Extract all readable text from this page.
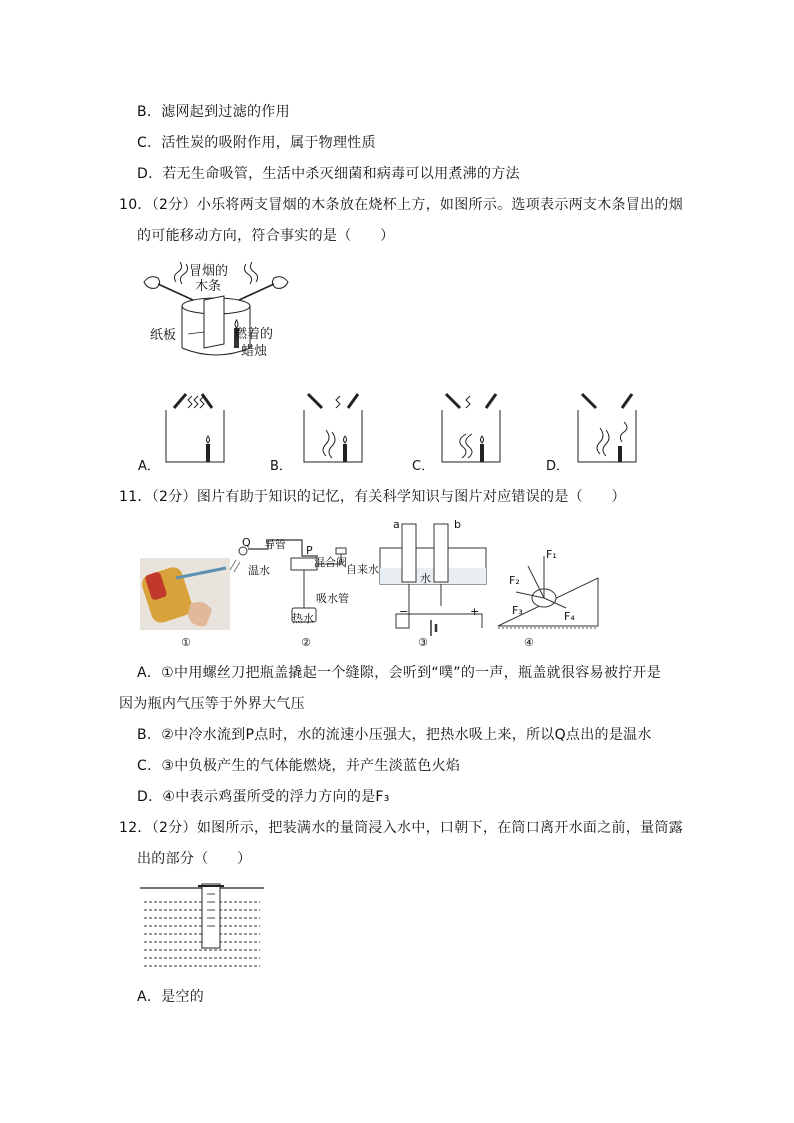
B．滤网起到过滤的作用
C．活性炭的吸附作用，属于物理性质
D．若无生命吸管，生活中杀灭细菌和病毒可以用煮沸的方法
10．（2分）小乐将两支冒烟的木条放在烧杯上方，如图所示。选项表示两支木条冒出的烟
的可能移动方向，符合事实的是（　　）
冒烟的
木条
纸板	燃着的
蜡烛
A．	B．	C．	D．
11．（2分）图片有助于知识的记忆，有关科学知识与图片对应错误的是（　　）
①	②	③	④
Q 导管 P
温水
混合阀
自来水
吸水管
热水
a	b
水
−	+
F₁
F₂
F₃	F₄
A．①中用螺丝刀把瓶盖撬起一个缝隙，会听到“噗”的一声，瓶盖就很容易被拧开是
因为瓶内气压等于外界大气压
B．②中冷水流到P点时，水的流速小压强大，把热水吸上来，所以Q点出的是温水
C．③中负极产生的气体能燃烧，并产生淡蓝色火焰
D．④中表示鸡蛋所受的浮力方向的是F₃
12．（2分）如图所示，把装满水的量筒浸入水中，口朝下，在筒口离开水面之前，量筒露
出的部分（　　）
A．是空的
